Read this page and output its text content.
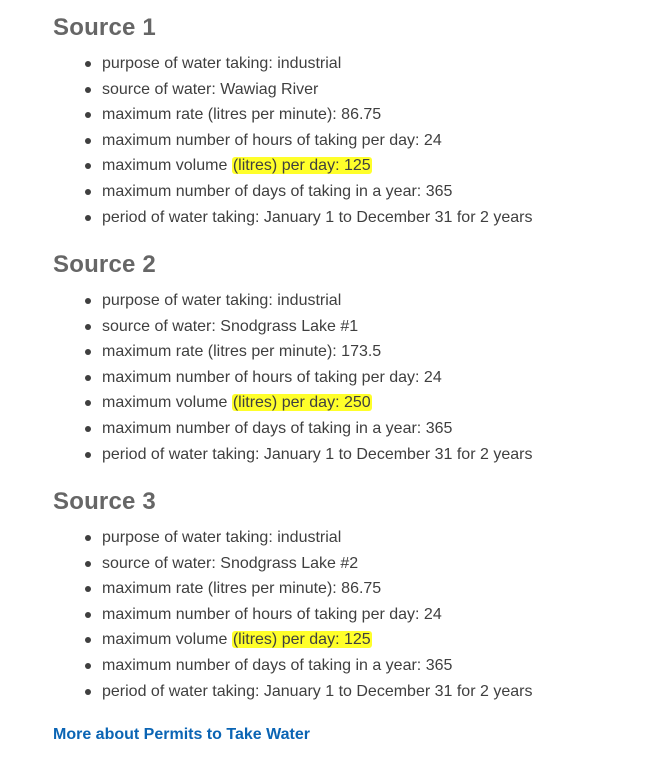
Source 1
purpose of water taking: industrial
source of water: Wawiag River
maximum rate (litres per minute): 86.75
maximum number of hours of taking per day: 24
maximum volume (litres) per day: 125
maximum number of days of taking in a year: 365
period of water taking: January 1 to December 31 for 2 years
Source 2
purpose of water taking: industrial
source of water: Snodgrass Lake #1
maximum rate (litres per minute): 173.5
maximum number of hours of taking per day: 24
maximum volume (litres) per day: 250
maximum number of days of taking in a year: 365
period of water taking: January 1 to December 31 for 2 years
Source 3
purpose of water taking: industrial
source of water: Snodgrass Lake #2
maximum rate (litres per minute): 86.75
maximum number of hours of taking per day: 24
maximum volume (litres) per day: 125
maximum number of days of taking in a year: 365
period of water taking: January 1 to December 31 for 2 years
More about Permits to Take Water
